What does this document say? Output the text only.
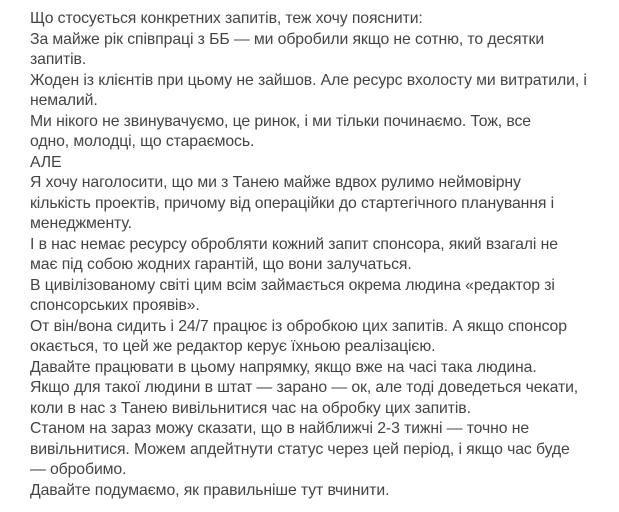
Що стосується конкретних запитів, теж хочу пояснити:
За майже рік співпраці з ББ — ми обробили якщо не сотню, то десятки
запитів.
Жоден із клієнтів при цьому не зайшов. Але ресурс вхолосту ми витратили, і
немалий.
Ми нікого не звинувачуємо, це ринок, і ми тільки починаємо. Тож, все
одно, молодці, що стараємось.
АЛЕ
Я хочу наголосити, що ми з Танею майже вдвох рулимо неймовірну
кількість проектів, причому від операційки до стартегічного планування і
менеджменту.
І в нас немає ресурсу обробляти кожний запит спонсора, який взагалі не
має під собою жодних гарантій, що вони залучаться.
В цивілізованому світі цим всім займається окрема людина «редактор зі
спонсорських проявів».
От він/вона сидить і 24/7 працює із обробкою цих запитів. А якщо спонсор
окається, то цей же редактор керує їхньою реалізацією.
Давайте працювати в цьому напрямку, якщо вже на часі така людина.
Якщо для такої людини в штат — зарано — ок, але тоді доведеться чекати,
коли в нас з Танею вивільнитися час на обробку цих запитів.
Станом на зараз можу сказати, що в найближчі 2-3 тижні — точно не
вивільнитися. Можем апдейтнути статус через цей період, і якщо час буде
— обробимо.
Давайте подумаємо, як правильніше тут вчинити.
